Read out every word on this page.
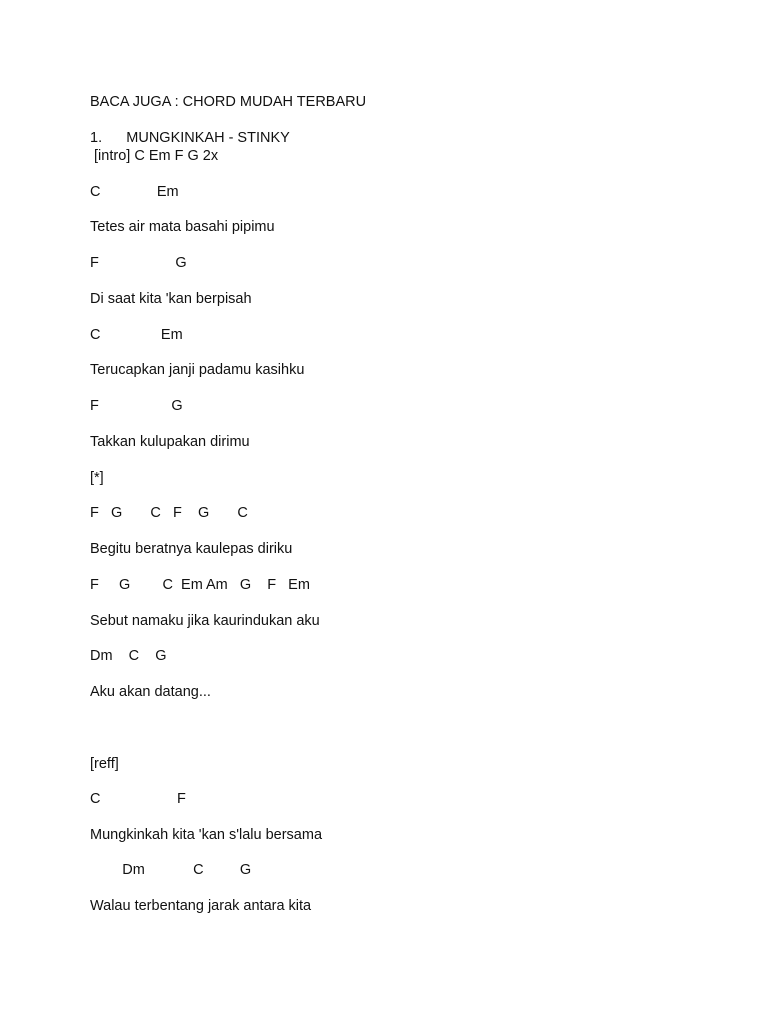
BACA JUGA : CHORD MUDAH TERBARU

1.      MUNGKINKAH - STINKY

[intro] C Em F G 2x

C              Em

Tetes air mata basahi pipimu

F                   G

Di saat kita 'kan berpisah

C               Em

Terucapkan janji padamu kasihku

F                  G

Takkan kulupakan dirimu

[*]

F   G       C   F    G       C

Begitu beratnya kaulepas diriku

F     G        C  Em Am   G    F   Em

Sebut namaku jika kaurindukan aku

Dm    C    G

Aku akan datang...

[reff]

C                   F

Mungkinkah kita 'kan s'lalu bersama

Dm            C         G

Walau terbentang jarak antara kita
